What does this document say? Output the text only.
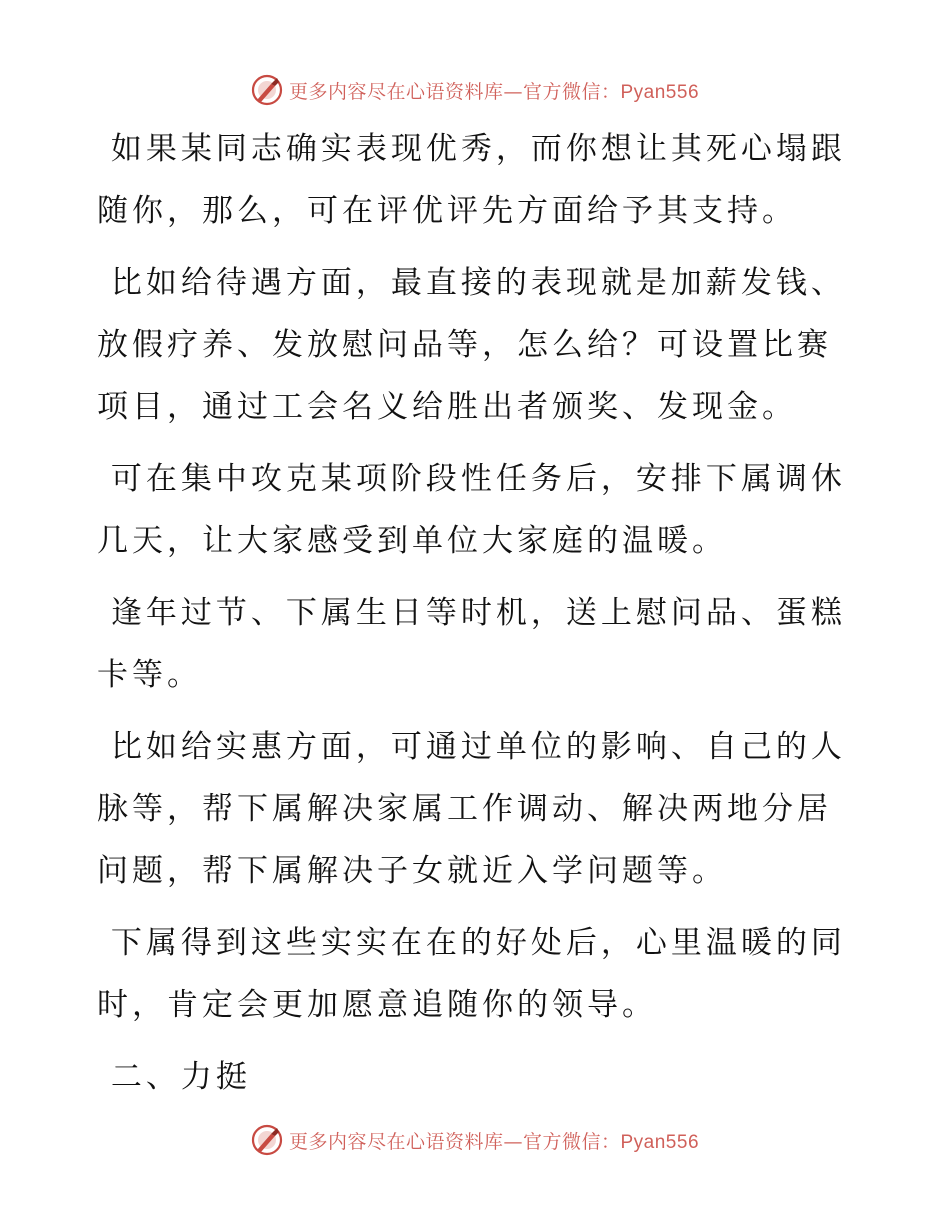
更多内容尽在心语资料库—官方微信：Pyan556

如果某同志确实表现优秀，而你想让其死心塌跟随你，那么，可在评优评先方面给予其支持。

比如给待遇方面，最直接的表现就是加薪发钱、放假疗养、发放慰问品等，怎么给？可设置比赛项目，通过工会名义给胜出者颁奖、发现金。

可在集中攻克某项阶段性任务后，安排下属调休几天，让大家感受到单位大家庭的温暖。

逢年过节、下属生日等时机，送上慰问品、蛋糕卡等。

比如给实惠方面，可通过单位的影响、自己的人脉等，帮下属解决家属工作调动、解决两地分居问题，帮下属解决子女就近入学问题等。

下属得到这些实实在在的好处后，心里温暖的同时，肯定会更加愿意追随你的领导。

二、力挺

更多内容尽在心语资料库—官方微信：Pyan556
